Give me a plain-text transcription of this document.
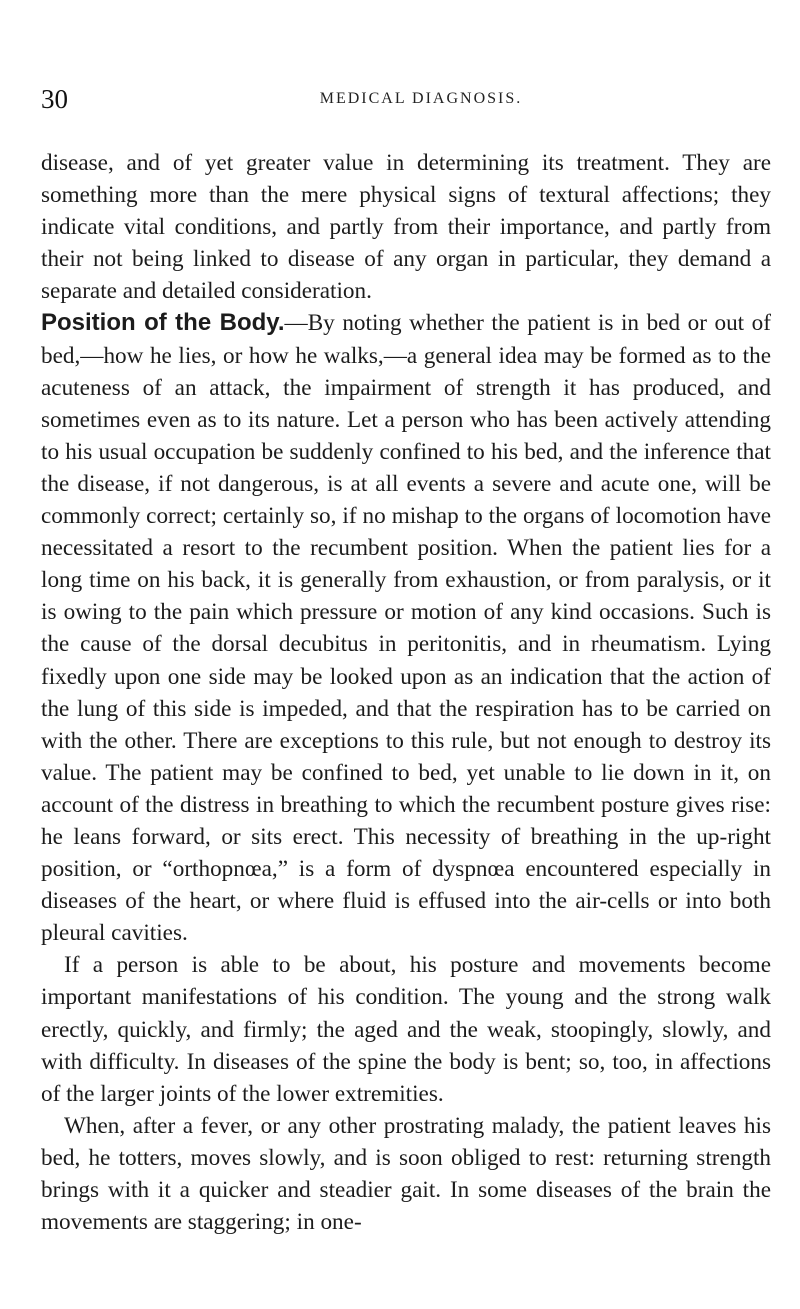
30	MEDICAL DIAGNOSIS.

disease, and of yet greater value in determining its treatment. They are something more than the mere physical signs of textural affections; they indicate vital conditions, and partly from their importance, and partly from their not being linked to disease of any organ in particular, they demand a separate and detailed consideration.

Position of the Body.—By noting whether the patient is in bed or out of bed,—how he lies, or how he walks,—a general idea may be formed as to the acuteness of an attack, the impairment of strength it has produced, and sometimes even as to its nature. Let a person who has been actively attending to his usual occupation be suddenly confined to his bed, and the inference that the disease, if not dangerous, is at all events a severe and acute one, will be commonly correct; certainly so, if no mishap to the organs of locomotion have necessitated a resort to the recumbent position. When the patient lies for a long time on his back, it is generally from exhaustion, or from paralysis, or it is owing to the pain which pressure or motion of any kind occasions. Such is the cause of the dorsal decubitus in peritonitis, and in rheumatism. Lying fixedly upon one side may be looked upon as an indication that the action of the lung of this side is impeded, and that the respiration has to be carried on with the other. There are exceptions to this rule, but not enough to destroy its value. The patient may be confined to bed, yet unable to lie down in it, on account of the distress in breathing to which the recumbent posture gives rise: he leans forward, or sits erect. This necessity of breathing in the up-right position, or “orthopnœa,” is a form of dyspnœa encountered especially in diseases of the heart, or where fluid is effused into the air-cells or into both pleural cavities.

If a person is able to be about, his posture and movements become important manifestations of his condition. The young and the strong walk erectly, quickly, and firmly; the aged and the weak, stoopingly, slowly, and with difficulty. In diseases of the spine the body is bent; so, too, in affections of the larger joints of the lower extremities.

When, after a fever, or any other prostrating malady, the patient leaves his bed, he totters, moves slowly, and is soon obliged to rest: returning strength brings with it a quicker and steadier gait. In some diseases of the brain the movements are staggering; in one-
